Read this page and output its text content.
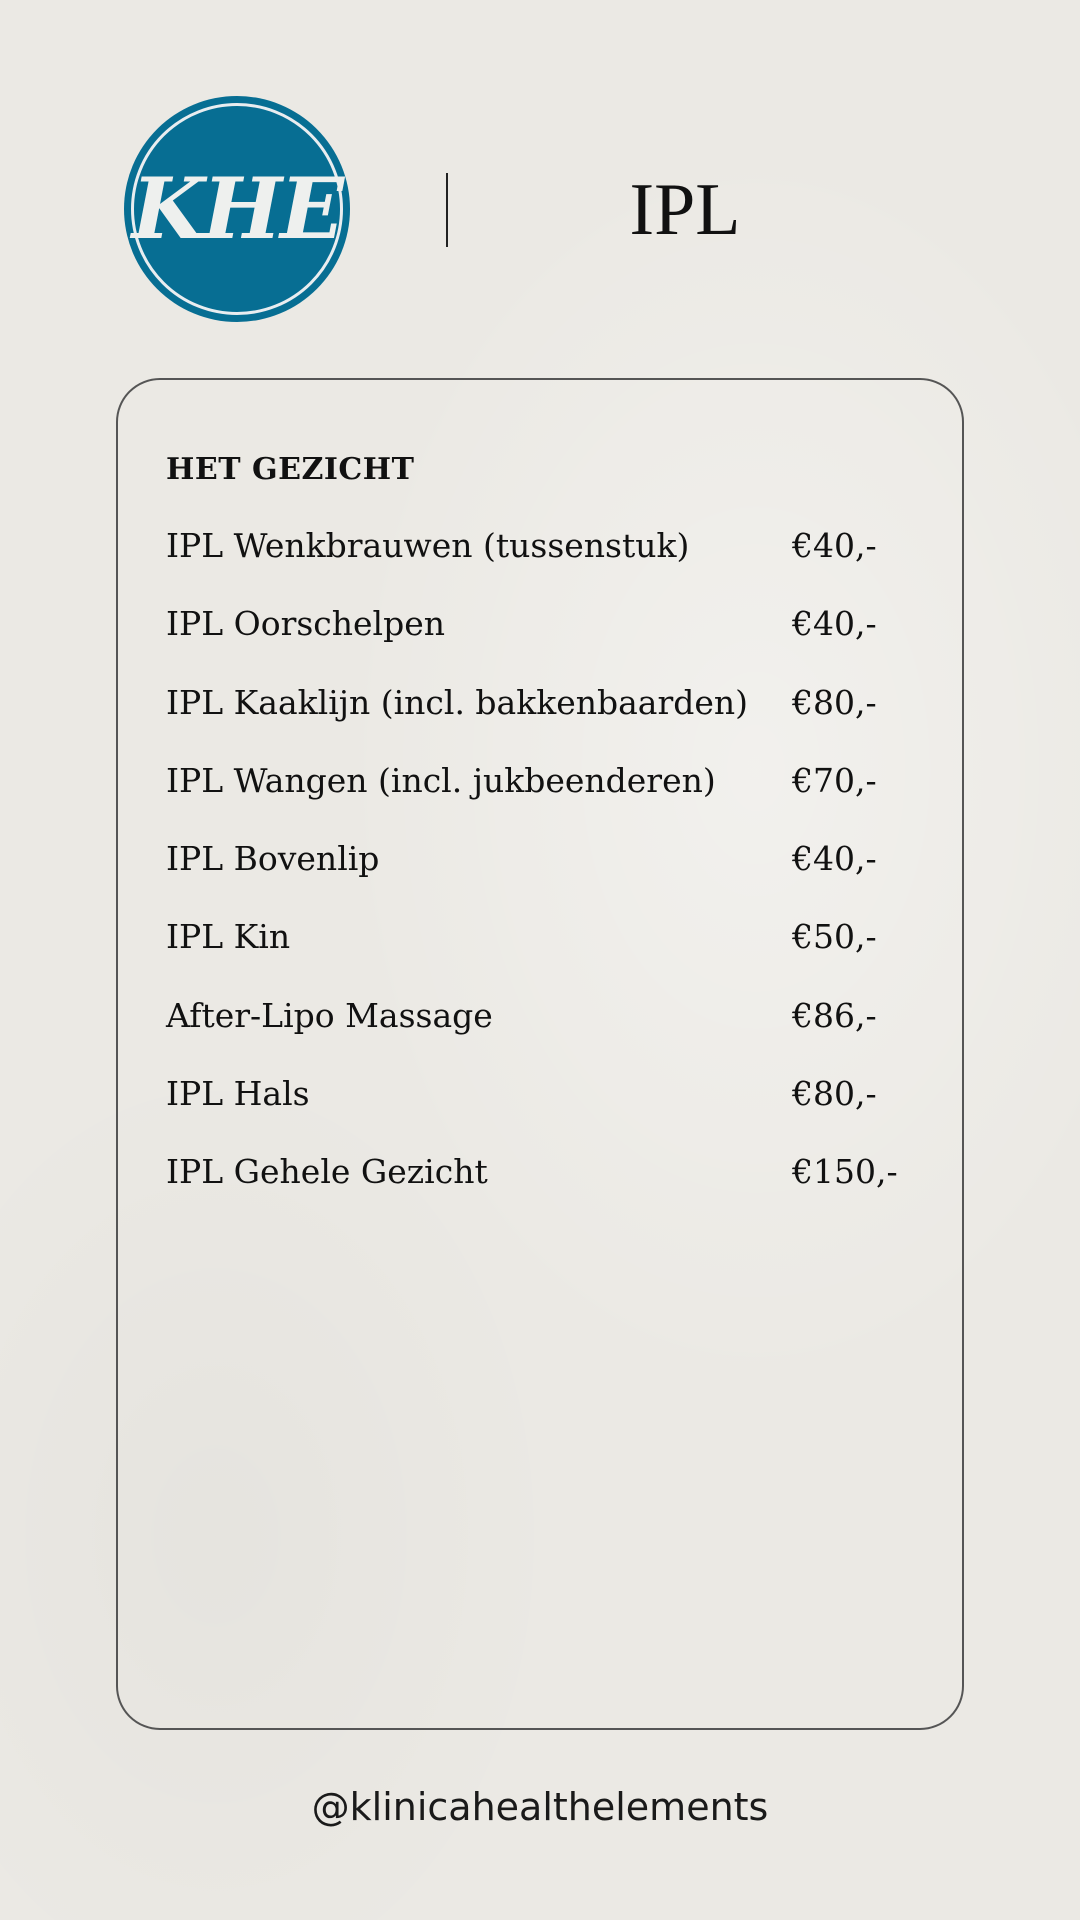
KHE	IPL
HET GEZICHT
IPL Wenkbrauwen (tussenstuk)	€40,-
IPL Oorschelpen	€40,-
IPL Kaaklijn (incl. bakkenbaarden) €80,-
IPL Wangen (incl. jukbeenderen) €70,-
IPL Bovenlip	€40,-
IPL Kin	€50,-
After-Lipo Massage	€86,-
IPL Hals	€80,-
IPL Gehele Gezicht	€150,-
@klinicahealthelements
